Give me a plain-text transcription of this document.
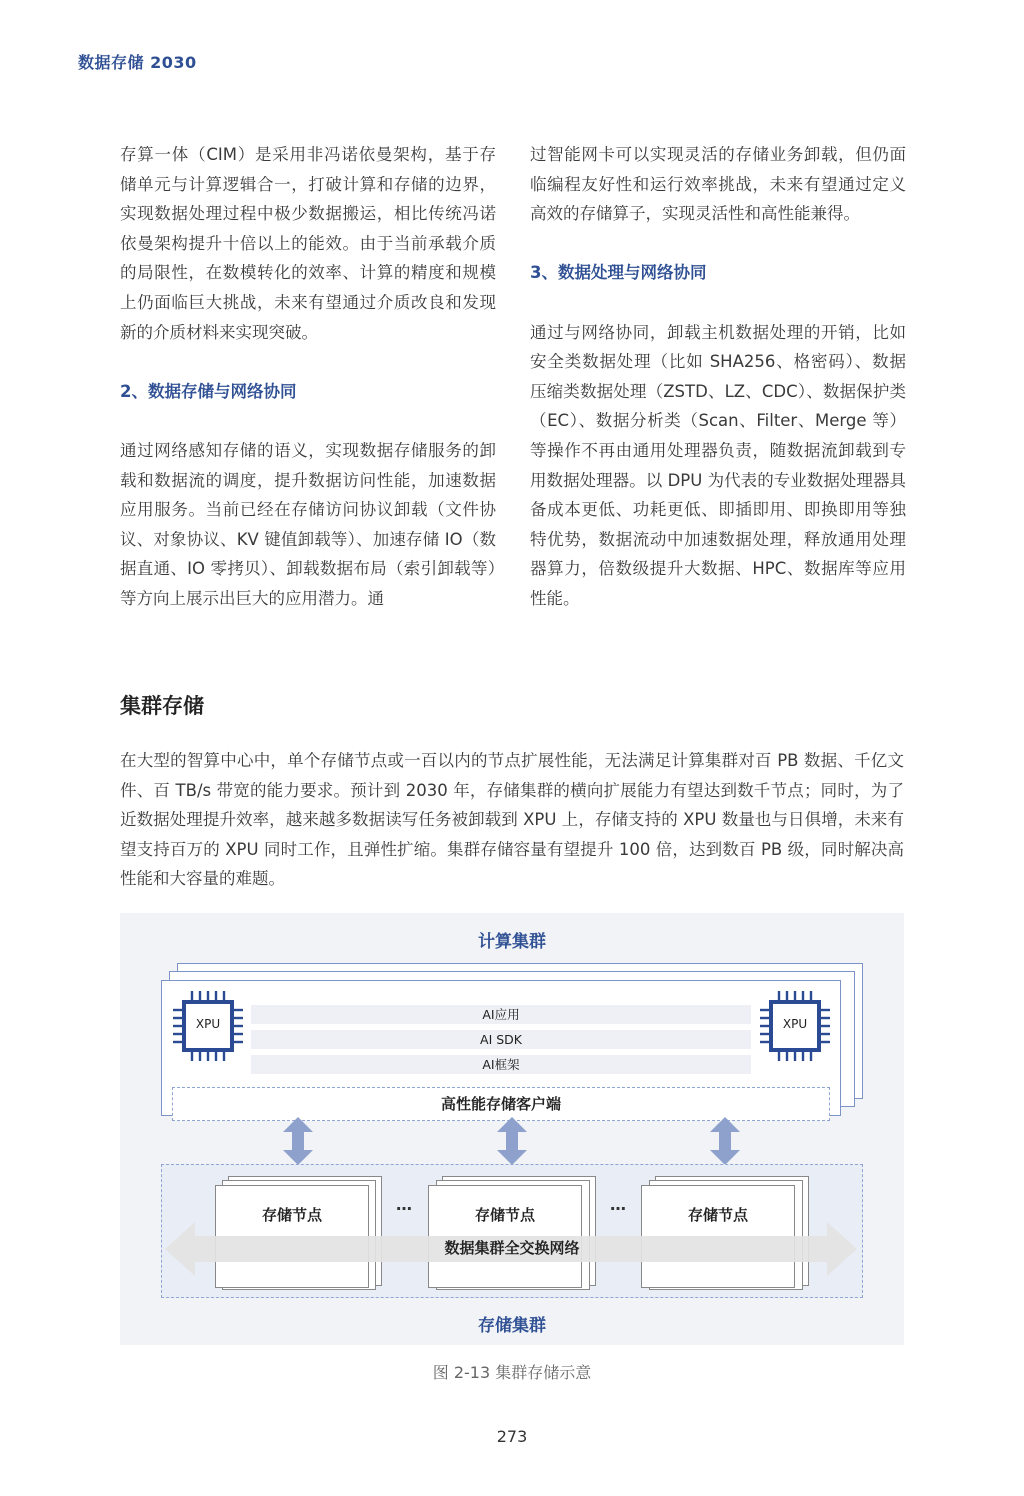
数据存储 2030

存算一体（CIM）是采用非冯诺依曼架构，基于存储单元与计算逻辑合一，打破计算和存储的边界，实现数据处理过程中极少数据搬运，相比传统冯诺依曼架构提升十倍以上的能效。由于当前承载介质的局限性，在数模转化的效率、计算的精度和规模上仍面临巨大挑战，未来有望通过介质改良和发现新的介质材料来实现突破。

2、数据存储与网络协同

通过网络感知存储的语义，实现数据存储服务的卸载和数据流的调度，提升数据访问性能，加速数据应用服务。当前已经在存储访问协议卸载（文件协议、对象协议、KV 键值卸载等）、加速存储 IO（数据直通、IO 零拷贝）、卸载数据布局（索引卸载等）等方向上展示出巨大的应用潜力。通

过智能网卡可以实现灵活的存储业务卸载，但仍面临编程友好性和运行效率挑战，未来有望通过定义高效的存储算子，实现灵活性和高性能兼得。

3、数据处理与网络协同

通过与网络协同，卸载主机数据处理的开销，比如安全类数据处理（比如 SHA256、格密码）、数据压缩类数据处理（ZSTD、LZ、CDC）、数据保护类（EC）、数据分析类（Scan、Filter、Merge 等）等操作不再由通用处理器负责，随数据流卸载到专用数据处理器。以 DPU 为代表的专业数据处理器具备成本更低、功耗更低、即插即用、即换即用等独特优势，数据流动中加速数据处理，释放通用处理器算力，倍数级提升大数据、HPC、数据库等应用性能。

集群存储

在大型的智算中心中，单个存储节点或一百以内的节点扩展性能，无法满足计算集群对百 PB 数据、千亿文件、百 TB/s 带宽的能力要求。预计到 2030 年，存储集群的横向扩展能力有望达到数千节点；同时，为了近数据处理提升效率，越来越多数据读写任务被卸载到 XPU 上，存储支持的 XPU 数量也与日俱增，未来有望支持百万的 XPU 同时工作，且弹性扩缩。集群存储容量有望提升 100 倍，达到数百 PB 级，同时解决高性能和大容量的难题。

计算集群
XPU	XPU
AI应用
AI SDK
AI框架
高性能存储客户端
存储节点	存储节点	存储节点
…	…
数据集群全交换网络
存储集群
图 2-13 集群存储示意
273
